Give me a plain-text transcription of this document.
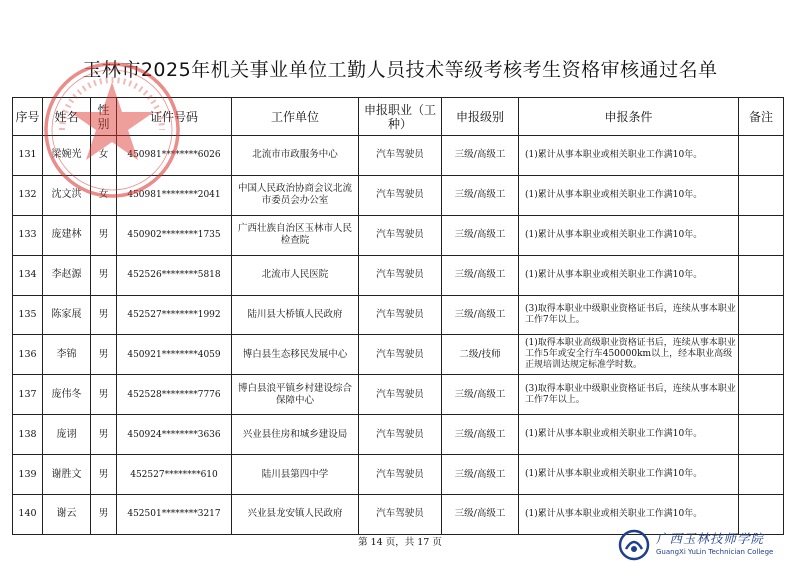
玉林市2025年机关事业单位工勤人员技术等级考核考生资格审核通过名单
序号	姓名	性别	证件号码	工作单位	申报职业（工种）	申报级别	申报条件	备注
131	梁婉光	女	450981********6026	北流市市政服务中心	汽车驾驶员	三级/高级工	(1)累计从事本职业或相关职业工作满10年。	
132	沈文洪	女	450981********2041	中国人民政治协商会议北流市委员会办公室	汽车驾驶员	三级/高级工	(1)累计从事本职业或相关职业工作满10年。	
133	庞建林	男	450902********1735	广西壮族自治区玉林市人民检查院	汽车驾驶员	三级/高级工	(1)累计从事本职业或相关职业工作满10年。	
134	李赵源	男	452526********5818	北流市人民医院	汽车驾驶员	三级/高级工	(1)累计从事本职业或相关职业工作满10年。	
135	陈家展	男	452527********1992	陆川县大桥镇人民政府	汽车驾驶员	三级/高级工	(3)取得本职业中级职业资格证书后，连续从事本职业工作7年以上。	
136	李锦	男	450921********4059	博白县生态移民发展中心	汽车驾驶员	二级/技师	(1)取得本职业高级职业资格证书后，连续从事本职业工作5年或安全行车450000km以上，经本职业高级正规培训达规定标准学时数。	
137	庞伟冬	男	452528********7776	博白县浪平镇乡村建设综合保障中心	汽车驾驶员	三级/高级工	(3)取得本职业中级职业资格证书后，连续从事本职业工作7年以上。	
138	庞诩	男	450924********3636	兴业县住房和城乡建设局	汽车驾驶员	三级/高级工	(1)累计从事本职业或相关职业工作满10年。	
139	谢胜文	男	452527********610	陆川县第四中学	汽车驾驶员	三级/高级工	(1)累计从事本职业或相关职业工作满10年。	
140	谢云	男	452501********3217	兴业县龙安镇人民政府	汽车驾驶员	三级/高级工	(1)累计从事本职业或相关职业工作满10年。	
第 14 页，共 17 页	广西玉林技师学院
GuangXi YuLin Technician College
